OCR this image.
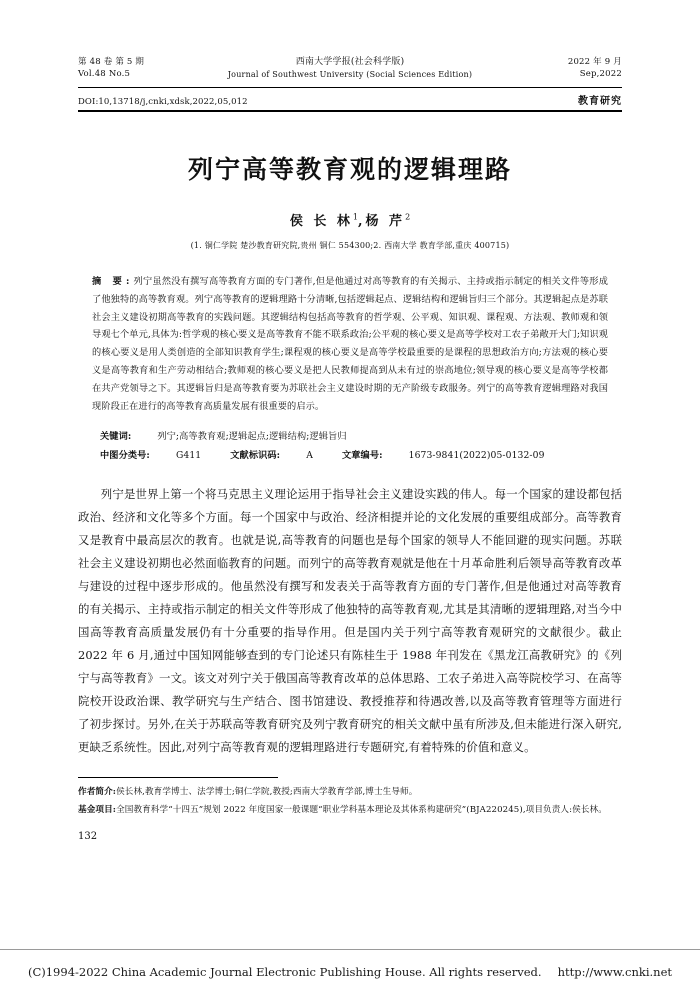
第 48 卷 第 5 期
Vol.48 No.5
西南大学学报(社会科学版)
Journal of Southwest University (Social Sciences Edition)
2022 年 9 月
Sep,2022
DOI:10,13718/j,cnki,xdsk,2022,05,012	教育研究
列宁高等教育观的逻辑理路
侯 长 林$^1$,杨 芹$^2$
(1. 铜仁学院 楚沙教育研究院,贵州 铜仁 554300;2. 西南大学 教育学部,重庆 400715)
摘 要:列宁虽然没有撰写高等教育方面的专门著作,但是他通过对高等教育的有关揭示、主持或指示制定的相关文件等形成了他独特的高等教育观。列宁高等教育的逻辑理路十分清晰,包括逻辑起点、逻辑结构和逻辑旨归三个部分。其逻辑起点是苏联社会主义建设初期高等教育的实践问题。其逻辑结构包括高等教育的哲学观、公平观、知识观、课程观、方法观、教师观和领导观七个单元,具体为:哲学观的核心要义是高等教育不能不联系政治;公平观的核心要义是高等学校对工农子弟敞开大门;知识观的核心要义是用人类创造的全部知识教育学生;课程观的核心要义是高等学校最重要的是课程的思想政治方向;方法观的核心要义是高等教育和生产劳动相结合;教师观的核心要义是把人民教师提高到从未有过的崇高地位;领导观的核心要义是高等学校都在共产党领导之下。其逻辑旨归是高等教育要为苏联社会主义建设时期的无产阶级专政服务。列宁的高等教育逻辑理路对我国现阶段正在进行的高等教育高质量发展有很重要的启示。
关键词:	列宁;高等教育观;逻辑起点;逻辑结构;逻辑旨归
中图分类号:	G411	文献标识码:	A	文章编号:	1673-9841(2022)05-0132-09

列宁是世界上第一个将马克思主义理论运用于指导社会主义建设实践的伟人。每一个国家的建设都包括政治、经济和文化等多个方面。每一个国家中与政治、经济相提并论的文化发展的重要组成部分。高等教育又是教育中最高层次的教育。也就是说,高等教育的问题也是每个国家的领导人不能回避的现实问题。苏联社会主义建设初期也必然面临教育的问题。而列宁的高等教育观就是他在十月革命胜利后领导高等教育改革与建设的过程中逐步形成的。他虽然没有撰写和发表关于高等教育方面的专门著作,但是他通过对高等教育的有关揭示、主持或指示制定的相关文件等形成了他独特的高等教育观,尤其是其清晰的逻辑理路,对当今中国高等教育高质量发展仍有十分重要的指导作用。但是国内关于列宁高等教育观研究的文献很少。截止 2022 年 6 月,通过中国知网能够查到的专门论述只有陈桂生于 1988 年刊发在《黑龙江高教研究》的《列宁与高等教育》一文。该文对列宁关于俄国高等教育改革的总体思路、工农子弟进入高等院校学习、在高等院校开设政治课、教学研究与生产结合、图书馆建设、教授推荐和待遇改善,以及高等教育管理等方面进行了初步探讨。另外,在关于苏联高等教育研究及列宁教育研究的相关文献中虽有所涉及,但未能进行深入研究,更缺乏系统性。因此,对列宁高等教育观的逻辑理路进行专题研究,有着特殊的价值和意义。

作者简介:侯长林,教育学博士、法学博士;铜仁学院,教授;西南大学教育学部,博士生导师。

基金项目:全国教育科学“十四五”规划 2022 年度国家一般课题“职业学科基本理论及其体系构建研究”(BJA220245),项目负责人:侯长林。

132
(C)1994-2022 China Academic Journal Electronic Publishing House. All rights reserved. http://www.cnki.net
